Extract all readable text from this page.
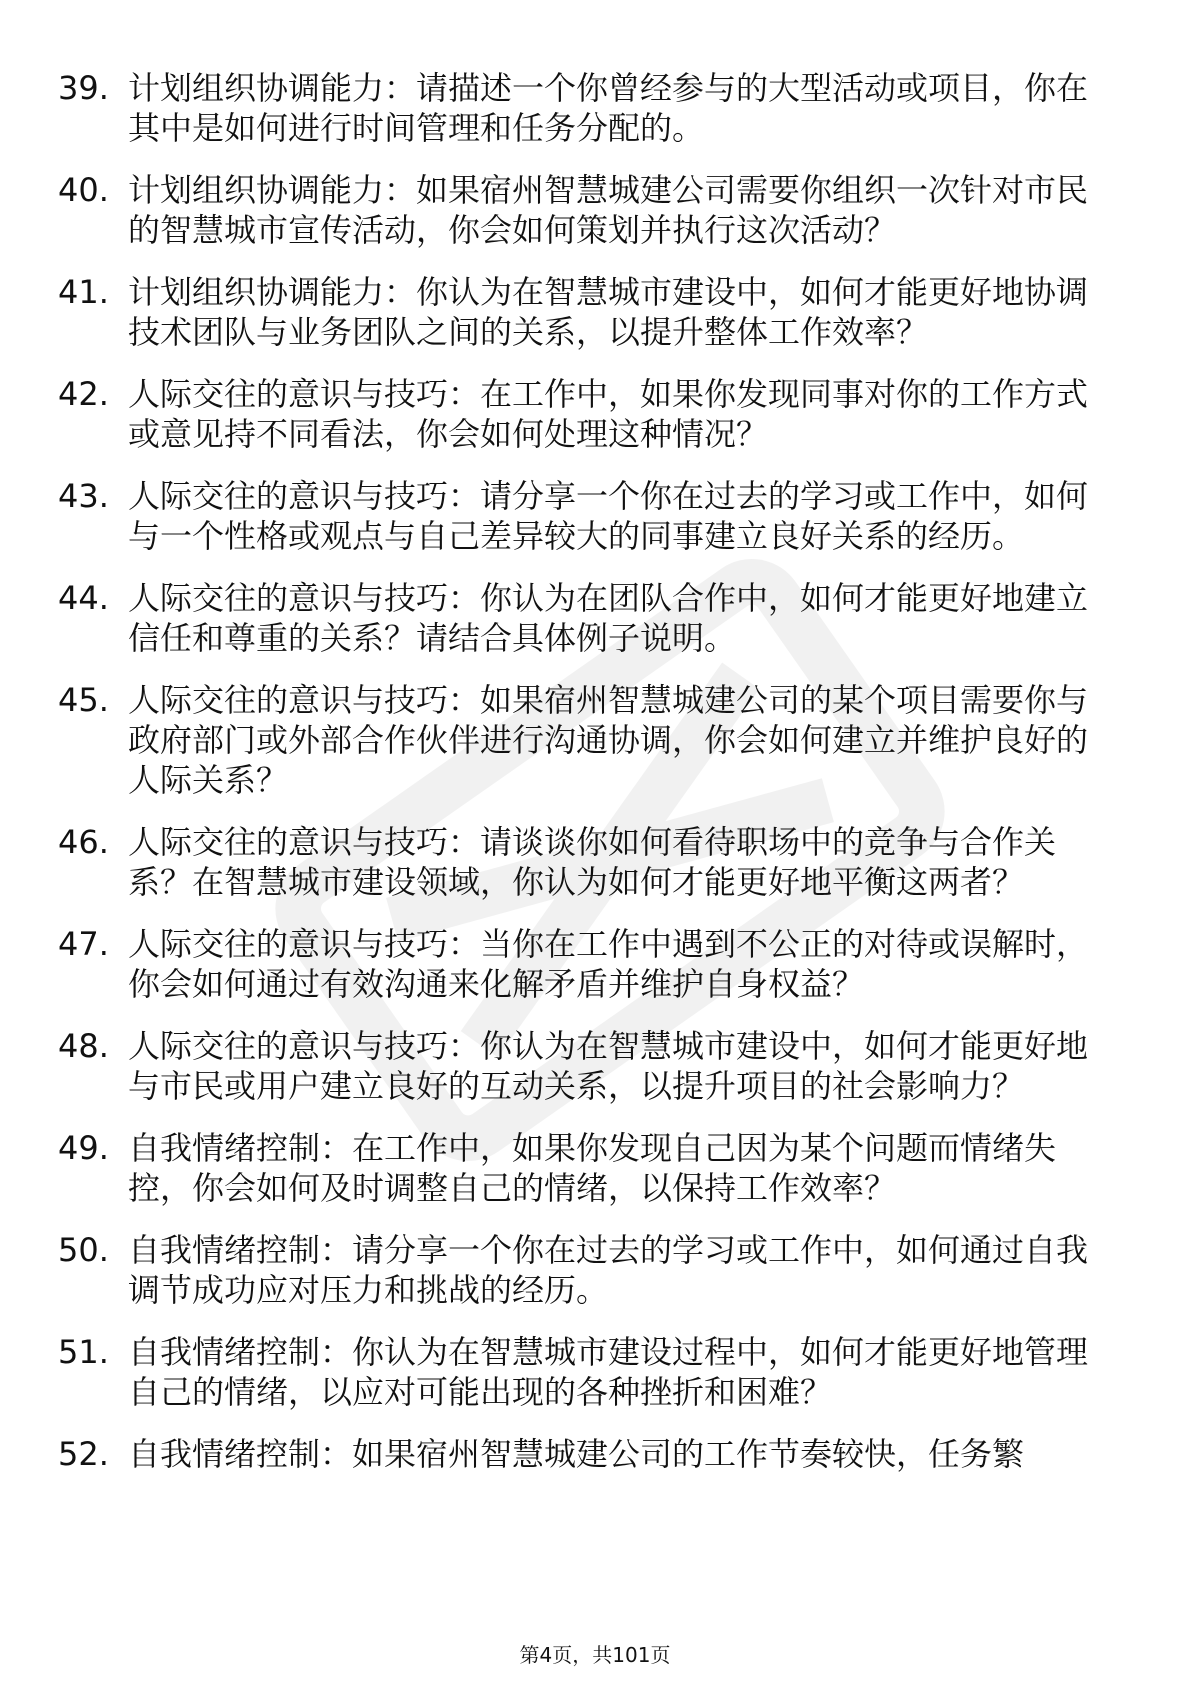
39. 计划组织协调能力：请描述一个你曾经参与的大型活动或项目，你在其中是如何进行时间管理和任务分配的。
40. 计划组织协调能力：如果宿州智慧城建公司需要你组织一次针对市民的智慧城市宣传活动，你会如何策划并执行这次活动？
41. 计划组织协调能力：你认为在智慧城市建设中，如何才能更好地协调技术团队与业务团队之间的关系，以提升整体工作效率？
42. 人际交往的意识与技巧：在工作中，如果你发现同事对你的工作方式或意见持不同看法，你会如何处理这种情况？
43. 人际交往的意识与技巧：请分享一个你在过去的学习或工作中，如何与一个性格或观点与自己差异较大的同事建立良好关系的经历。
44. 人际交往的意识与技巧：你认为在团队合作中，如何才能更好地建立信任和尊重的关系？请结合具体例子说明。
45. 人际交往的意识与技巧：如果宿州智慧城建公司的某个项目需要你与政府部门或外部合作伙伴进行沟通协调，你会如何建立并维护良好的人际关系？
46. 人际交往的意识与技巧：请谈谈你如何看待职场中的竞争与合作关系？在智慧城市建设领域，你认为如何才能更好地平衡这两者？
47. 人际交往的意识与技巧：当你在工作中遇到不公正的对待或误解时，你会如何通过有效沟通来化解矛盾并维护自身权益？
48. 人际交往的意识与技巧：你认为在智慧城市建设中，如何才能更好地与市民或用户建立良好的互动关系，以提升项目的社会影响力？
49. 自我情绪控制：在工作中，如果你发现自己因为某个问题而情绪失控，你会如何及时调整自己的情绪，以保持工作效率？
50. 自我情绪控制：请分享一个你在过去的学习或工作中，如何通过自我调节成功应对压力和挑战的经历。
51. 自我情绪控制：你认为在智慧城市建设过程中，如何才能更好地管理自己的情绪，以应对可能出现的各种挫折和困难？
52. 自我情绪控制：如果宿州智慧城建公司的工作节奏较快，任务繁
第4页，共101页
